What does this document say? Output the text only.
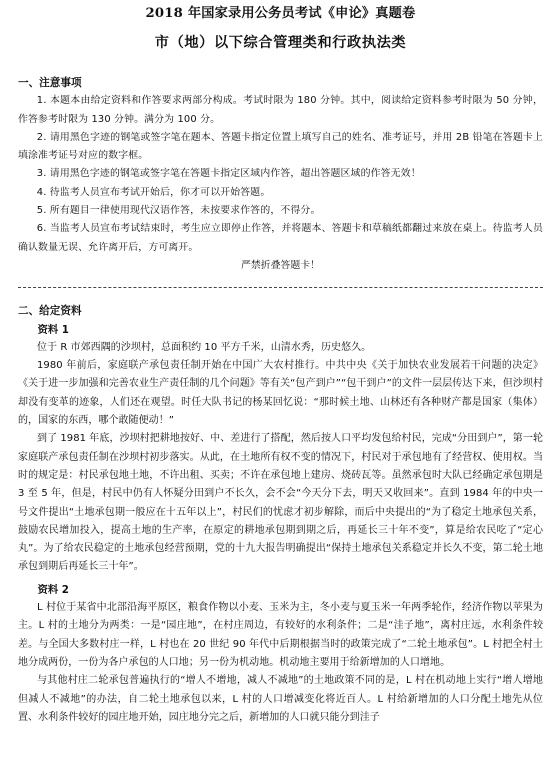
2018 年国家录用公务员考试《申论》真题卷
市（地）以下综合管理类和行政执法类
一、注意事项

1. 本题本由给定资料和作答要求两部分构成。考试时限为 180 分钟。其中，阅读给定资料参考时限为 50 分钟，作答参考时限为 130 分钟。满分为 100 分。

2. 请用黑色字迹的钢笔或签字笔在题本、答题卡指定位置上填写自己的姓名、准考证号，并用 2B 铅笔在答题卡上填涂准考证号对应的数字框。

3. 请用黑色字迹的钢笔或签字笔在答题卡指定区域内作答，超出答题区域的作答无效！

4. 待监考人员宣布考试开始后，你才可以开始答题。

5. 所有题目一律使用现代汉语作答，未按要求作答的，不得分。

6. 当监考人员宣布考试结束时，考生应立即停止作答，并将题本、答题卡和草稿纸都翻过来放在桌上。待监考人员确认数量无误、允许离开后，方可离开。

严禁折叠答题卡！

二、给定资料
资料 1

位于 R 市郊西隅的沙坝村，总面积约 10 平方千米，山清水秀，历史悠久。

1980 年前后，家庭联产承包责任制开始在中国广大农村推行。中共中央《关于加快农业发展若干问题的决定》《关于进一步加强和完善农业生产责任制的几个问题》等有关“包产到户”“包干到户”的文件一层层传达下来，但沙坝村却没有变革的迹象，人们还在观望。时任大队书记的杨某回忆说：“那时候土地、山林还有各种财产都是国家（集体）的，国家的东西，哪个敢随便动！”

到了 1981 年底，沙坝村把耕地按好、中、差进行了搭配，然后按人口平均发包给村民，完成“分田到户”，第一轮家庭联产承包责任制在沙坝村初步落实。从此，在土地所有权不变的情况下，村民对于承包地有了经营权、使用权。当时的规定是：村民承包地土地，不许出租、买卖；不许在承包地上建房、烧砖瓦等。虽然承包时大队已经确定承包期是 3 至 5 年，但是，村民中仍有人怀疑分田到户不长久，会不会“今天分下去，明天又收回来”。直到 1984 年的中央一号文件提出“土地承包期一般应在十五年以上”，村民们的忧虑才初步解除，而后中央提出的“为了稳定土地承包关系，鼓励农民增加投入，提高土地的生产率，在原定的耕地承包期到期之后，再延长三十年不变”，算是给农民吃了“定心丸”。为了给农民稳定的土地承包经营预期，党的十九大报告明确提出“保持土地承包关系稳定并长久不变，第二轮土地承包到期后再延长三十年”。

资料 2

L 村位于某省中北部沿海平原区，粮食作物以小麦、玉米为主，冬小麦与夏玉米一年两季轮作，经济作物以苹果为主。L 村的土地分为两类：一是“园庄地”，在村庄周边，有较好的水利条件；二是“洼子地”，离村庄远，水利条件较差。与全国大多数村庄一样，L 村也在 20 世纪 90 年代中后期根据当时的政策完成了“二轮土地承包”。L 村把全村土地分成两份，一份为各户承包的人口地；另一份为机动地。机动地主要用于给新增加的人口增地。

与其他村庄二轮承包普遍执行的“增人不增地，减人不减地”的土地政策不同的是，L 村在机动地上实行“增人增地但减人不减地”的办法，自二轮土地承包以来，L 村的人口增减变化将近百人。L 村给新增加的人口分配土地先从位置、水利条件较好的园庄地开始，园庄地分完之后，新增加的人口就只能分到洼子
